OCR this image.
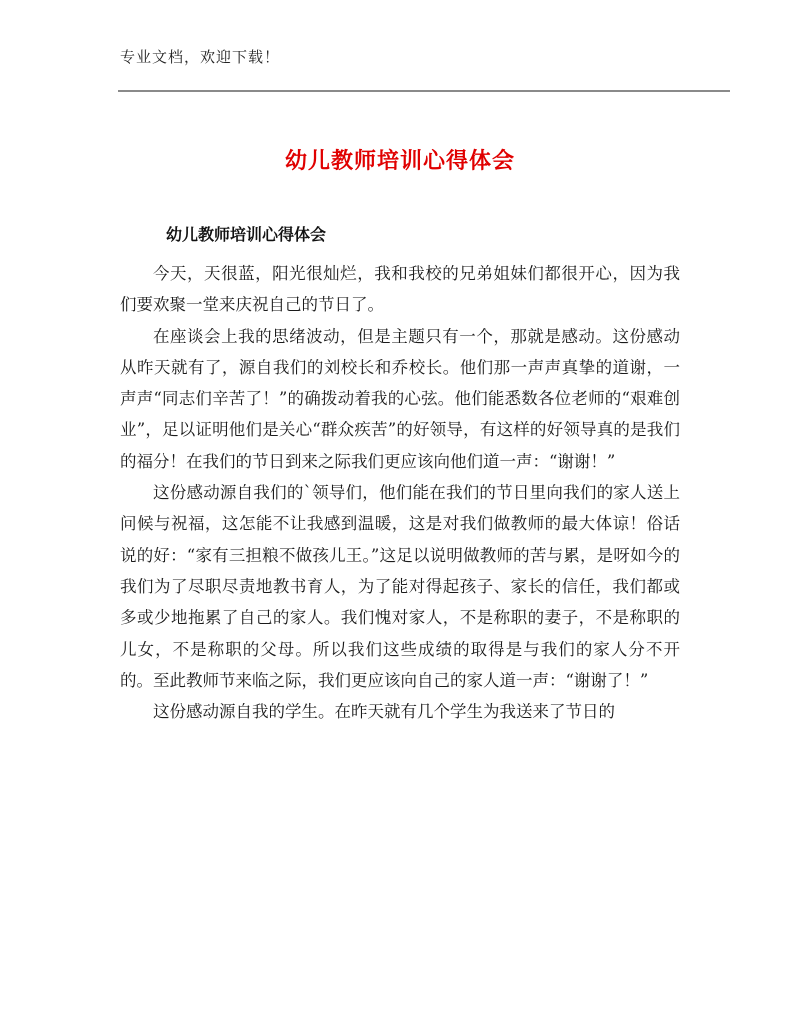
专业文档，欢迎下载！
幼儿教师培训心得体会
幼儿教师培训心得体会

今天，天很蓝，阳光很灿烂，我和我校的兄弟姐妹们都很开心，因为我们要欢聚一堂来庆祝自己的节日了。

在座谈会上我的思绪波动，但是主题只有一个，那就是感动。这份感动从昨天就有了，源自我们的刘校长和乔校长。他们那一声声真挚的道谢，一声声“同志们辛苦了！”的确拨动着我的心弦。他们能悉数各位老师的“艰难创业”，足以证明他们是关心“群众疾苦”的好领导，有这样的好领导真的是我们的福分！在我们的节日到来之际我们更应该向他们道一声：“谢谢！”

这份感动源自我们的`领导们，他们能在我们的节日里向我们的家人送上问候与祝福，这怎能不让我感到温暖，这是对我们做教师的最大体谅！俗话说的好：“家有三担粮不做孩儿王。”这足以说明做教师的苦与累，是呀如今的我们为了尽职尽责地教书育人，为了能对得起孩子、家长的信任，我们都或多或少地拖累了自己的家人。我们愧对家人，不是称职的妻子，不是称职的儿女，不是称职的父母。所以我们这些成绩的取得是与我们的家人分不开的。至此教师节来临之际，我们更应该向自己的家人道一声：“谢谢了！”

这份感动源自我的学生。在昨天就有几个学生为我送来了节日的
